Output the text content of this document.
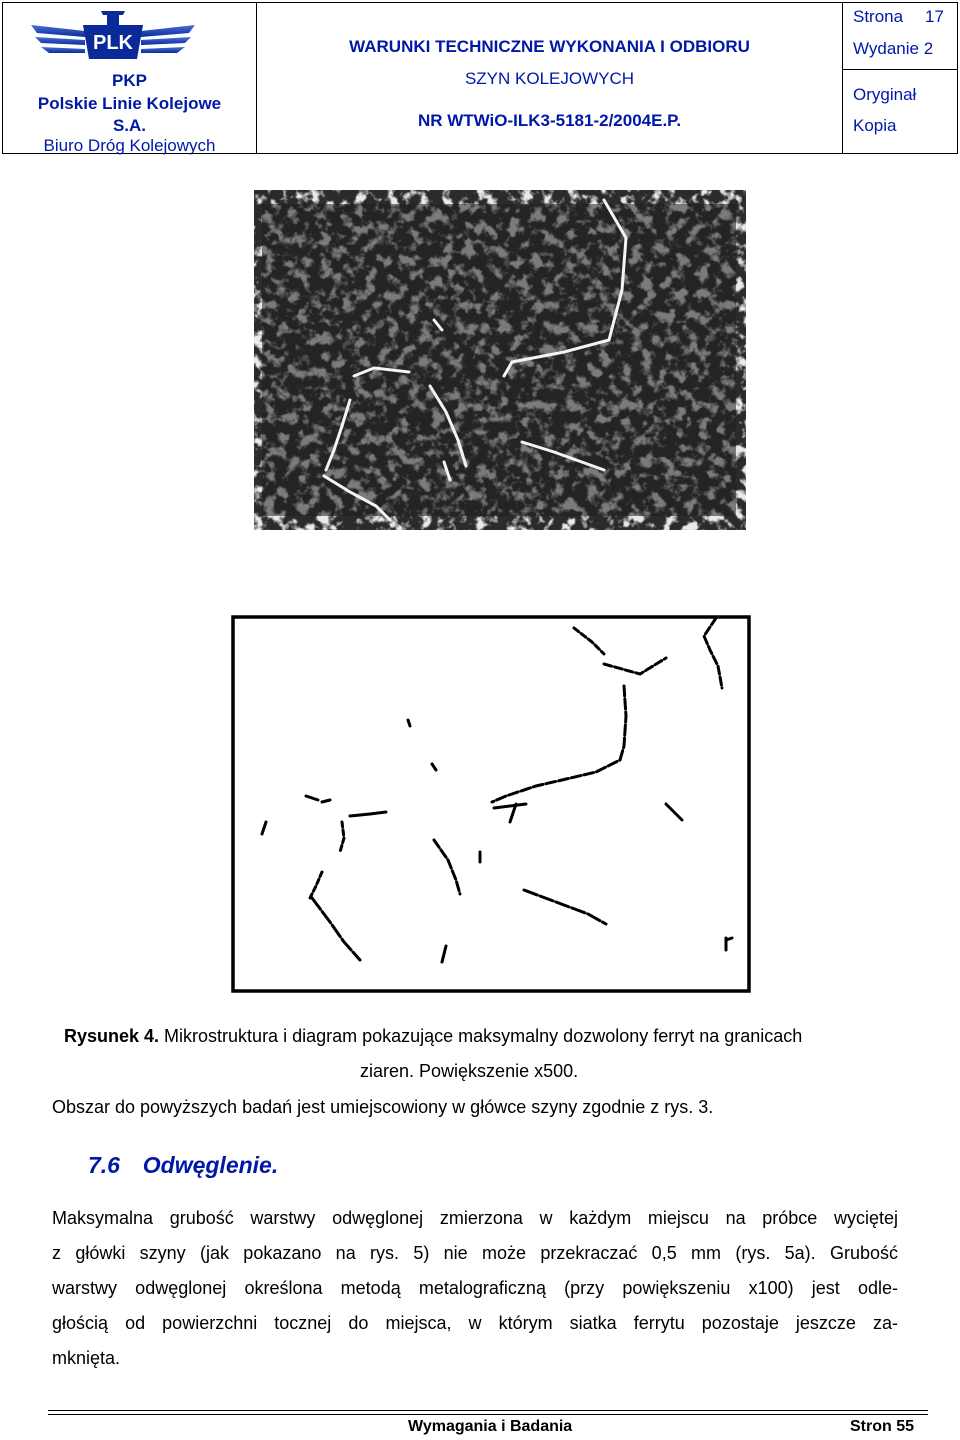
PLK
PKP
Polskie Linie Kolejowe
S.A.
Biuro Dróg Kolejowych
WARUNKI TECHNICZNE WYKONANIA I ODBIORU
SZYN KOLEJOWYCH
NR WTWiO-ILK3-5181-2/2004E.P.
Strona 17
Wydanie 2
Oryginał
Kopia
Rysunek 4. Mikrostruktura i diagram pokazujące maksymalny dozwolony ferryt na granicach
ziaren. Powiększenie x500.
Obszar do powyższych badań jest umiejscowiony w główce szyny zgodnie z rys. 3.
7.6 Odwęglenie.
Maksymalna grubość warstwy odwęglonej zmierzona w każdym miejscu na próbce wyciętej
z główki szyny (jak pokazano na rys. 5) nie może przekraczać 0,5 mm (rys. 5a). Grubość
warstwy odwęglonej określona metodą metalograficzną (przy powiększeniu x100) jest odle-
głością od powierzchni tocznej do miejsca, w którym siatka ferrytu pozostaje jeszcze za-
mknięta.
Wymagania i Badania	Stron 55
